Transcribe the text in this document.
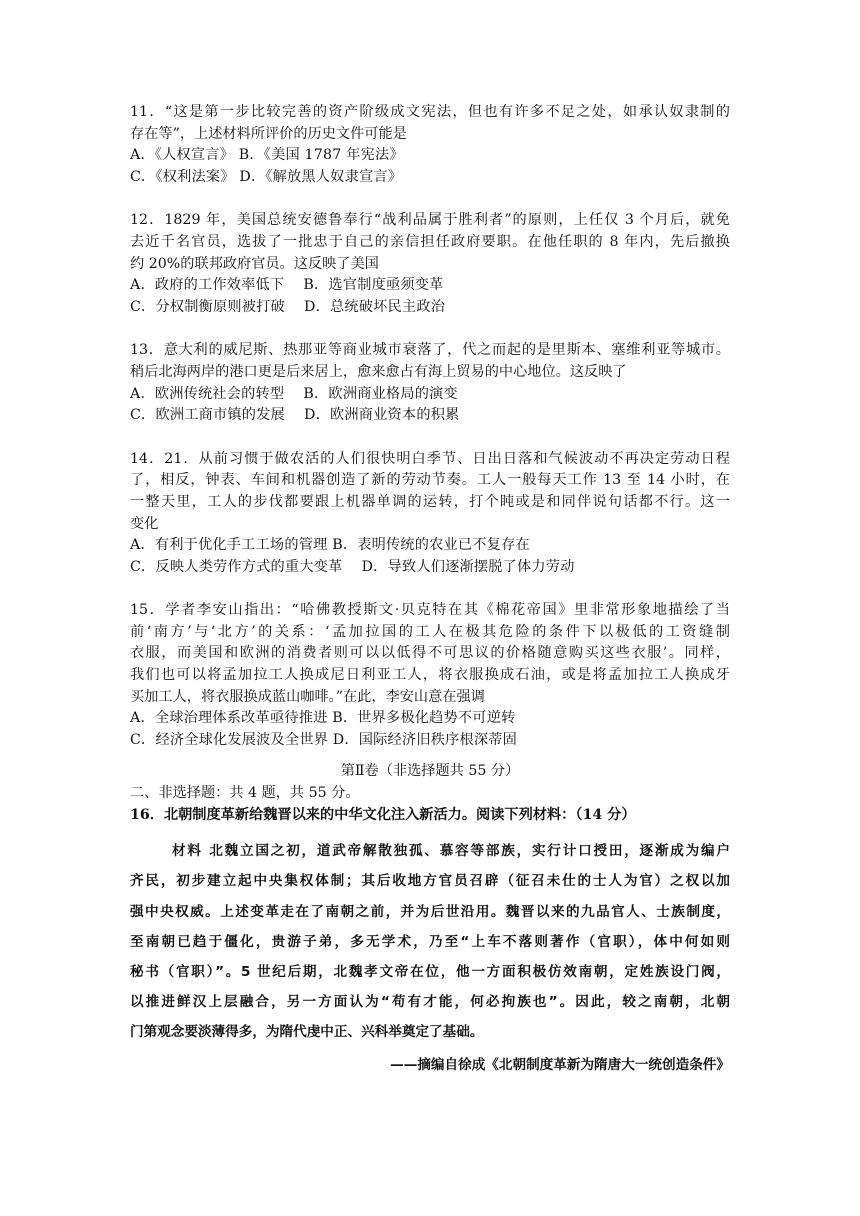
11．“这是第一步比较完善的资产阶级成文宪法，但也有许多不足之处，如承认奴隶制的
存在等”，上述材料所评价的历史文件可能是
A．《人权宣言》 B．《美国 1787 年宪法》
C．《权利法案》 D．《解放黑人奴隶宣言》
12．1829 年，美国总统安德鲁奉行“战利品属于胜利者”的原则，上任仅 3 个月后，就免
去近千名官员，选拔了一批忠于自己的亲信担任政府要职。在他任职的 8 年内，先后撤换
约 20%的联邦政府官员。这反映了美国
A．政府的工作效率低下　 B．选官制度亟须变革
C．分权制衡原则被打破　 D．总统破坏民主政治
13．意大利的威尼斯、热那亚等商业城市衰落了，代之而起的是里斯本、塞维利亚等城市。
稍后北海两岸的港口更是后来居上，愈来愈占有海上贸易的中心地位。这反映了
A．欧洲传统社会的转型　 B．欧洲商业格局的演变
C．欧洲工商市镇的发展　 D．欧洲商业资本的积累
14．21．从前习惯于做农活的人们很快明白季节、日出日落和气候波动不再决定劳动日程
了，相反，钟表、车间和机器创造了新的劳动节奏。工人一般每天工作 13 至 14 小时，在
一整天里，工人的步伐都要跟上机器单调的运转，打个盹或是和同伴说句话都不行。这一
变化
A．有利于优化手工工场的管理 B．表明传统的农业已不复存在
C．反映人类劳作方式的重大变革　 D．导致人们逐渐摆脱了体力劳动
15．学者李安山指出：“哈佛教授斯文·贝克特在其《棉花帝国》里非常形象地描绘了当
前‘南方’与‘北方’的关系：‘孟加拉国的工人在极其危险的条件下以极低的工资缝制
衣服，而美国和欧洲的消费者则可以以低得不可思议的价格随意购买这些衣服’。同样，
我们也可以将孟加拉工人换成尼日利亚工人，将衣服换成石油，或是将孟加拉工人换成牙
买加工人，将衣服换成蓝山咖啡。”在此，李安山意在强调
A．全球治理体系改革亟待推进 B．世界多极化趋势不可逆转
C．经济全球化发展波及全世界 D．国际经济旧秩序根深蒂固
第Ⅱ卷（非选择题共 55 分）
二、非选择题：共 4 题，共 55 分。
16．北朝制度革新给魏晋以来的中华文化注入新活力。阅读下列材料：（14 分）
材料 北魏立国之初，道武帝解散独孤、慕容等部族，实行计口授田，逐渐成为编户
齐民，初步建立起中央集权体制；其后收地方官员召辟（征召未仕的士人为官）之权以加
强中央权威。上述变革走在了南朝之前，并为后世沿用。魏晋以来的九品官人、士族制度，
至南朝已趋于僵化，贵游子弟，多无学术，乃至“上车不落则著作（官职），体中何如则
秘书（官职）”。5 世纪后期，北魏孝文帝在位，他一方面积极仿效南朝，定姓族设门阀，
以推进鲜汉上层融合，另一方面认为“苟有才能，何必拘族也”。因此，较之南朝，北朝
门第观念要淡薄得多，为隋代虔中正、兴科举奠定了基础。
——摘编自徐成《北朝制度革新为隋唐大一统创造条件》
